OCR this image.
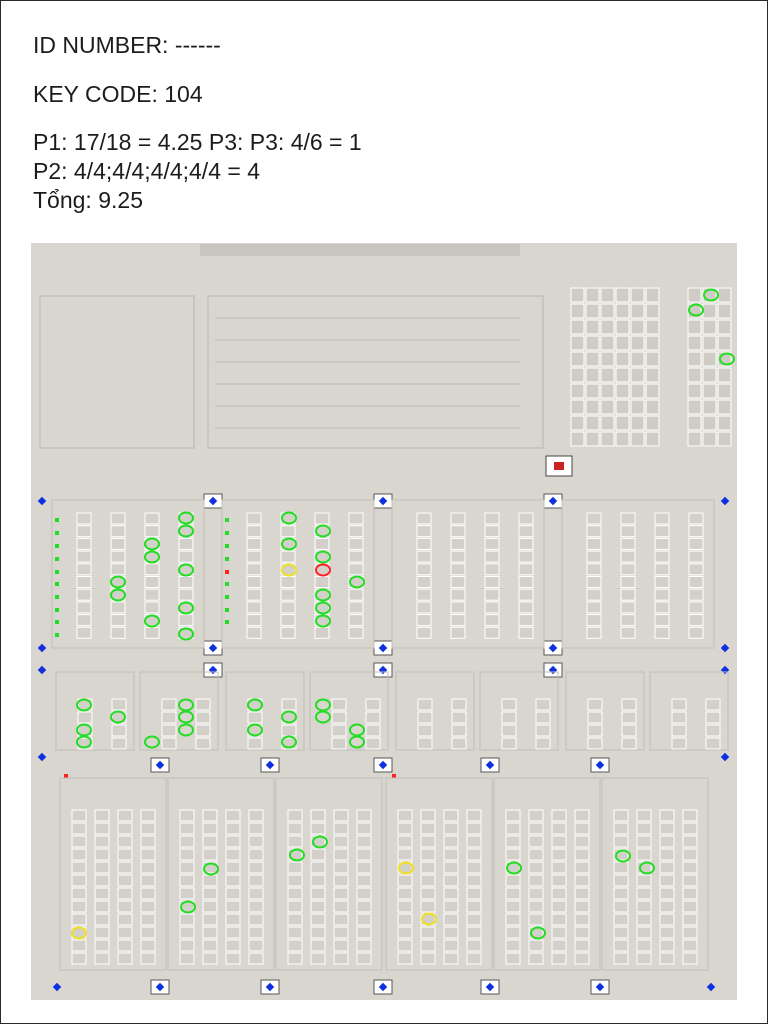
ID NUMBER: ------
KEY CODE: 104
P1: 17/18 = 4.25 P3: P3: 4/6 = 1
P2: 4/4;4/4;4/4;4/4 = 4
Tổng: 9.25
